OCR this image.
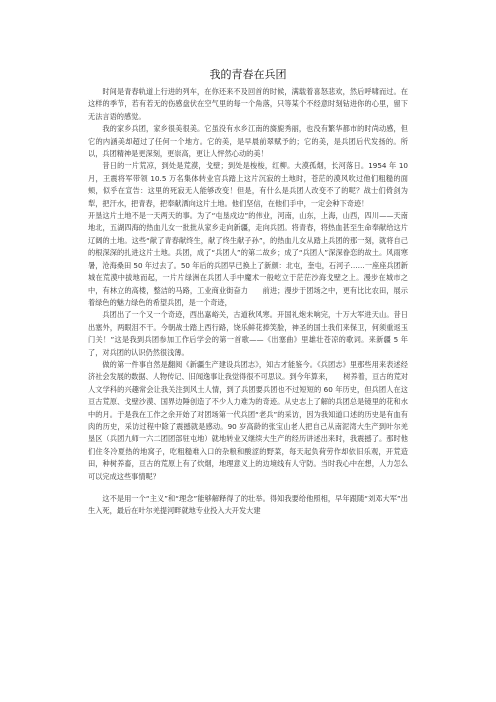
我的青春在兵团

时间是青春轨道上行进的列车，在你还来不及回首的时候，满载着喜怒悲欢，然后呼啸而过。在这样的季节，若有若无的伤感盘伏在空气里的每一个角落，只等某个不经意时刻钻进你的心里，留下无法言语的感觉。

我的家乡兵团，家乡很美很美。它虽没有水乡江南的旖旎秀丽，也没有繁华都市的时尚动感，但它的内涵美却超过了任何一个地方。它的美，是早晨前翠赋予的；它的美，是兵团后代发扬的。所以，兵团精神是更深刻，更崇高，更让人怦然心动的美！

昔日的一片荒凉，到处是荒漠，戈壁；到处是梭梭，红柳。大漠孤烟，长河落日。1954 年 10 月，王震将军带领 10.5 万名集体转业官兵踏上这片沉寂的土地时，苍茫的漠风吹过他们粗糙的面颊，似乎在宣告：这里的死寂无人能够改变！但是，有什么是兵团人改变不了的呢？战士们倚剑为犁，把汗水，把青春，把奉献洒向这片土地。他们坚信，在他们手中，一定会种下奇迹！

开垦这片土地不是一天两天的事。为了“屯垦戍边”的伟业，河南，山东，上海，山西，四川——天南地北，五湖四海的热血儿女一批批从家乡走向新疆，走向兵团。将青春，将热血甚至生命奉献给这片辽阔的土地。这些“献了青春献终生，献了终生献子孙”，的热血儿女从踏上兵团的那一刻，就将自己的根深深的扎进这片土地。兵团，成了“兵团人”的第二故乡；成了“兵团人”深深眷恋的故土。风雨寒暑，沧海桑田 50 年过去了。50 年后的兵团早已换上了新颜：北屯，奎屯，石河子……一座座兵团新城在荒漠中拔地而起，一片片绿洲在兵团人手中魔术一般屹立于茫茫沙海戈壁之上。漫步在城市之中，有林立的高楼，整洁的马路，工业商业街奋力　　前进；漫步于团场之中，更有比比农田，展示着绿色的魅力绿色的希望兵团，是一个奇迹，

兵团出了一个又一个奇迹，西出嘉峪关，古道秋风寒。开国礼炮未响完，十万大军进天山。昔日出塞外，两眼泪不干。今朝战士踏上西行路，饶乐鲜花捧笑脸，神圣的国土我们来保卫，何须重返玉门关！”这是我到兵团参加工作后学会的第一首歌——《出塞曲》里雄壮苍凉的歌词。来新疆 5 年了，对兵团的认识仍然很浅薄。

做的第一件事自然是翻阅《新疆生产建设兵团志》，知古才能鉴今。《兵团志》里那些用来表述经济社会发展的数据、人物传记、旧闻逸事让我觉得很不可思议。到今年算来，　　树养着，亘古的荒对人文学科的兴趣常会让我关注到风土人情，到了兵团要兵团也不过短短的 60 年历史，但兵团人在这亘古荒原、戈壁沙漠、国界边陲创造了不少人力难为的奇迹。从史志上了解的兵团总是镜里的花和水中的月。于是我在工作之余开始了对团场第一代兵团“老兵”的采访，因为我知道口述的历史是有血有肉的历史，采访过程中除了震撼就是感动。90 岁高龄的张宝山老人把自己从南泥湾大生产到叶尔羌垦区（兵团九师一六二团团部驻屯地）就地转业又继续大生产的经历讲述出来时，我震撼了。那时他们住冬冷夏热的地窝子，吃粗糙难入口的杂粮和酸涩的野菜，每天起负荷劳作却依旧乐观，开荒造田，种树养畜，亘古的荒原上有了炊烟，地理意义上的边境线有人守防。当时我心中在想，人力怎么可以完成这些事情呢？

这不是用一个“主义”和“理念”能够解释得了的壮举。得知我要给他照相，早年跟随“刘邓大军”出生入死，最后在叶尔羌提河畔就地专业投入大开发大建
